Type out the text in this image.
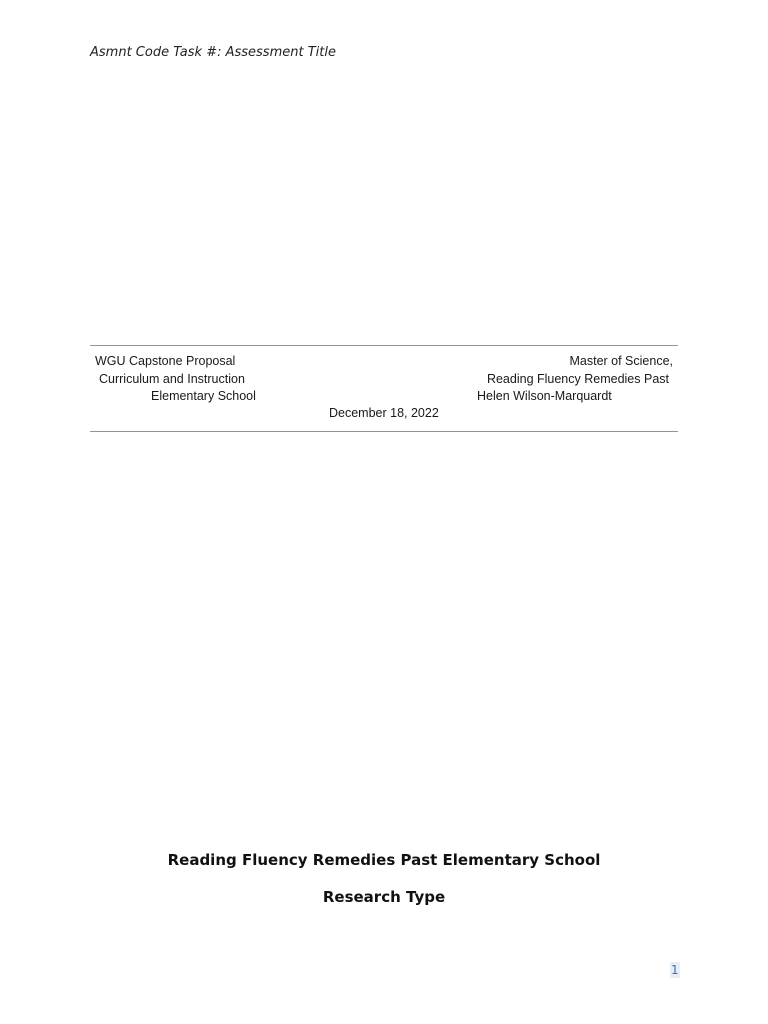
Asmnt Code Task #: Assessment Title
WGU Capstone Proposal
Curriculum and Instruction
Elementary School
Master of Science,
Reading Fluency Remedies Past
Helen Wilson-Marquardt
December 18, 2022
Reading Fluency Remedies Past Elementary School
Research Type
1
